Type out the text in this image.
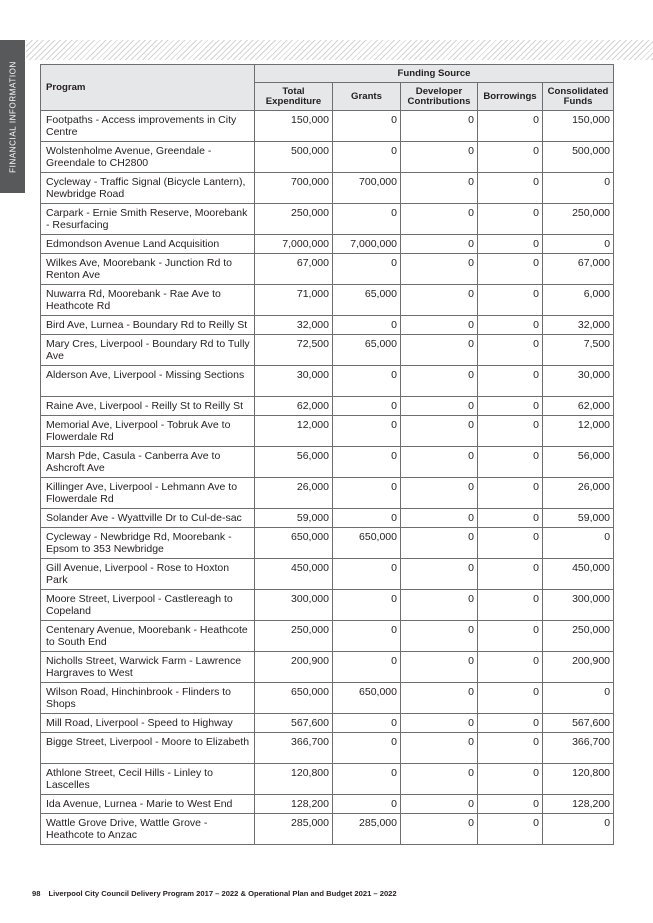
FINANCIAL INFORMATION	Program	Funding Source				
	Total Expenditure	Grants	Developer Contributions	Borrowings	Consolidated Funds
Footpaths - Access improvements in City Centre	150,000	0	0	0	150,000
Wolstenholme Avenue, Greendale - Greendale to CH2800	500,000	0	0	0	500,000
Cycleway - Traffic Signal (Bicycle Lantern), Newbridge Road	700,000	700,000	0	0	0
Carpark - Ernie Smith Reserve, Moorebank - Resurfacing	250,000	0	0	0	250,000
Edmondson Avenue Land Acquisition	7,000,000	7,000,000	0	0	0
Wilkes Ave, Moorebank - Junction Rd to Renton Ave	67,000	0	0	0	67,000
Nuwarra Rd, Moorebank - Rae Ave to Heathcote Rd	71,000	65,000	0	0	6,000
Bird Ave, Lurnea - Boundary Rd to Reilly St	32,000	0	0	0	32,000
Mary Cres, Liverpool - Boundary Rd to Tully Ave	72,500	65,000	0	0	7,500
Alderson Ave, Liverpool - Missing Sections	30,000	0	0	0	30,000
Raine Ave, Liverpool - Reilly St to Reilly St	62,000	0	0	0	62,000
Memorial Ave, Liverpool - Tobruk Ave to Flowerdale Rd	12,000	0	0	0	12,000
Marsh Pde, Casula - Canberra Ave to Ashcroft Ave	56,000	0	0	0	56,000
Killinger Ave, Liverpool - Lehmann Ave to Flowerdale Rd	26,000	0	0	0	26,000
Solander Ave - Wyattville Dr to Cul-de-sac	59,000	0	0	0	59,000
Cycleway - Newbridge Rd, Moorebank - Epsom to 353 Newbridge	650,000	650,000	0	0	0
Gill Avenue, Liverpool - Rose to Hoxton Park	450,000	0	0	0	450,000
Moore Street, Liverpool - Castlereagh to Copeland	300,000	0	0	0	300,000
Centenary Avenue, Moorebank - Heathcote to South End	250,000	0	0	0	250,000
Nicholls Street, Warwick Farm - Lawrence Hargraves to West	200,900	0	0	0	200,900
Wilson Road, Hinchinbrook - Flinders to Shops	650,000	650,000	0	0	0
Mill Road, Liverpool - Speed to Highway	567,600	0	0	0	567,600
Bigge Street, Liverpool - Moore to Elizabeth	366,700	0	0	0	366,700
Athlone Street, Cecil Hills - Linley to Lascelles	120,800	0	0	0	120,800
Ida Avenue, Lurnea - Marie to West End	128,200	0	0	0	128,200
Wattle Grove Drive, Wattle Grove - Heathcote to Anzac	285,000	285,000	0	0	0
98 Liverpool City Council Delivery Program 2017 – 2022 & Operational Plan and Budget 2021 – 2022
